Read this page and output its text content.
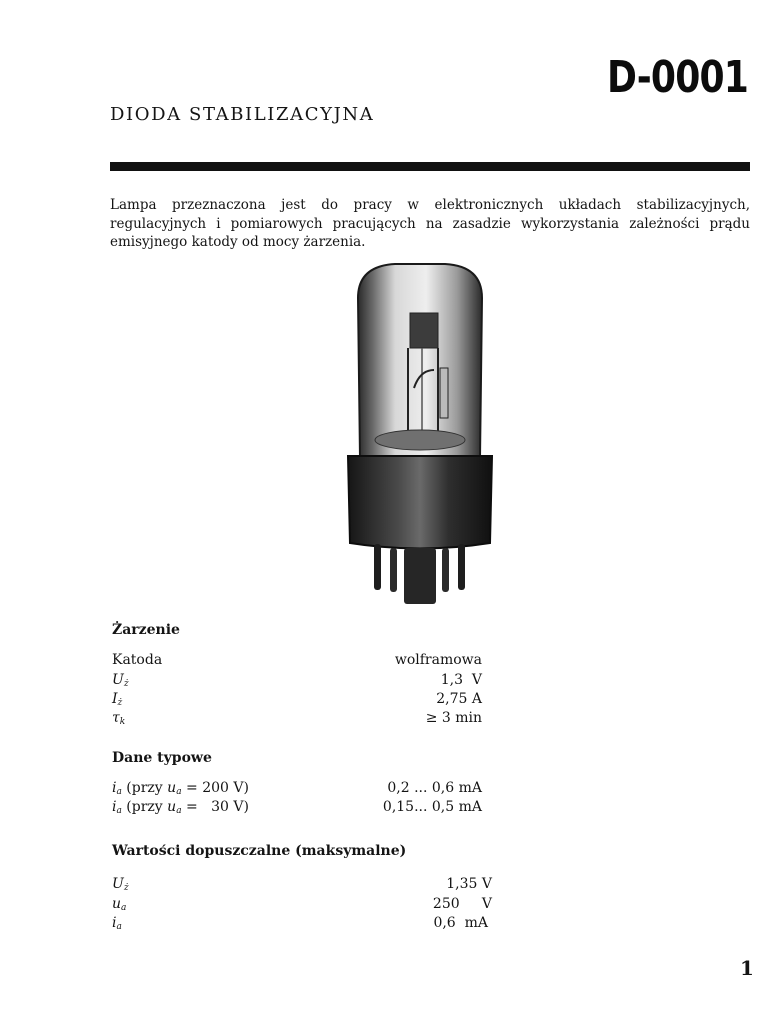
D-0001
DIODA STABILIZACYJNA

Lampa przeznaczona jest do pracy w elektronicznych układach stabilizacyjnych, regulacyjnych i pomiarowych pracujących na zasadzie wykorzystania zależności prądu emisyjnego katody od mocy żarzenia.

Żarzenie
Katoda	wolframowa
$U_ż$	1,3  V
$I_ż$	2,75 A
$\tau_k$	≥ 3 min
Dane typowe
$i_a$ (przy $u_a = 200$ V)	0,2 ... 0,6 mA
$i_a$ (przy $u_a = 30$ V)	0,15... 0,5 mA
Wartości dopuszczalne (maksymalne)
$U_ż$	1,35 V
$u_a$	250     V
$i_a$	0,6  mA
1
